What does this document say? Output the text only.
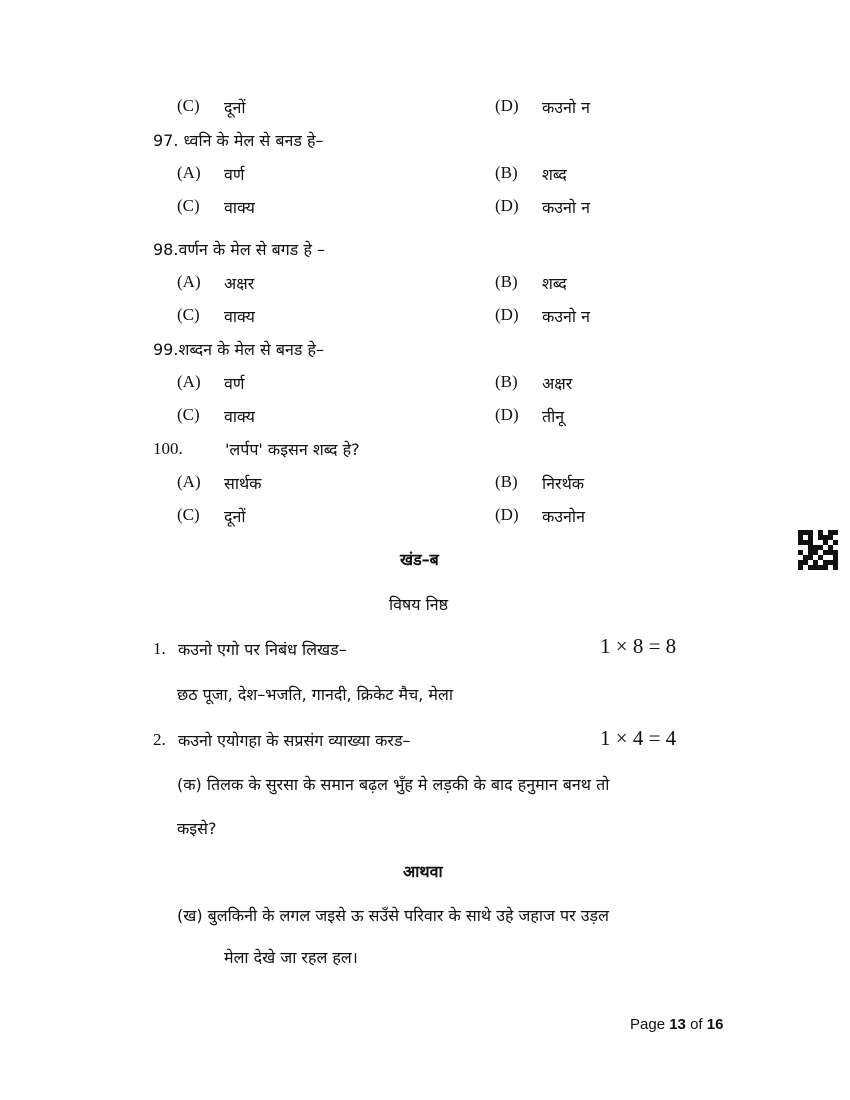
(C) दूनों	(D) कउनो न
97. ध्वनि के मेल से बनड हे–
(A) वर्ण	(B) शब्द
(C) वाक्य	(D) कउनो न
98.वर्णन के मेल से बगड हे –
(A) अक्षर	(B) शब्द
(C) वाक्य	(D) कउनो न
99.शब्दन के मेल से बनड हे–
(A) वर्ण	(B) अक्षर
(C) वाक्य	(D) तीनू
100.	'लर्पप' कइसन शब्द हे?
(A) सार्थक	(B) निरर्थक
(C) दूनों	(D) कउनोन
खंड–ब
विषय निष्ठ
1. कउनो एगो पर निबंध लिखड–	1 × 8 = 8
छठ पूजा, देश–भजति, गानदी, क्रिकेट मैच, मेला
2. कउनो एयोगहा के सप्रसंग व्याख्या करड–	1 × 4 = 4
(क) तिलक के सुरसा के समान बढ़ल भुँह मे लड़की के बाद हनुमान बनथ तो
कइसे?
आथवा
(ख) बुलकिनी के लगल जइसे ऊ सउँसे परिवार के साथे उहे जहाज पर उड़ल
मेला देखे जा रहल हल।
Page 13 of 16
